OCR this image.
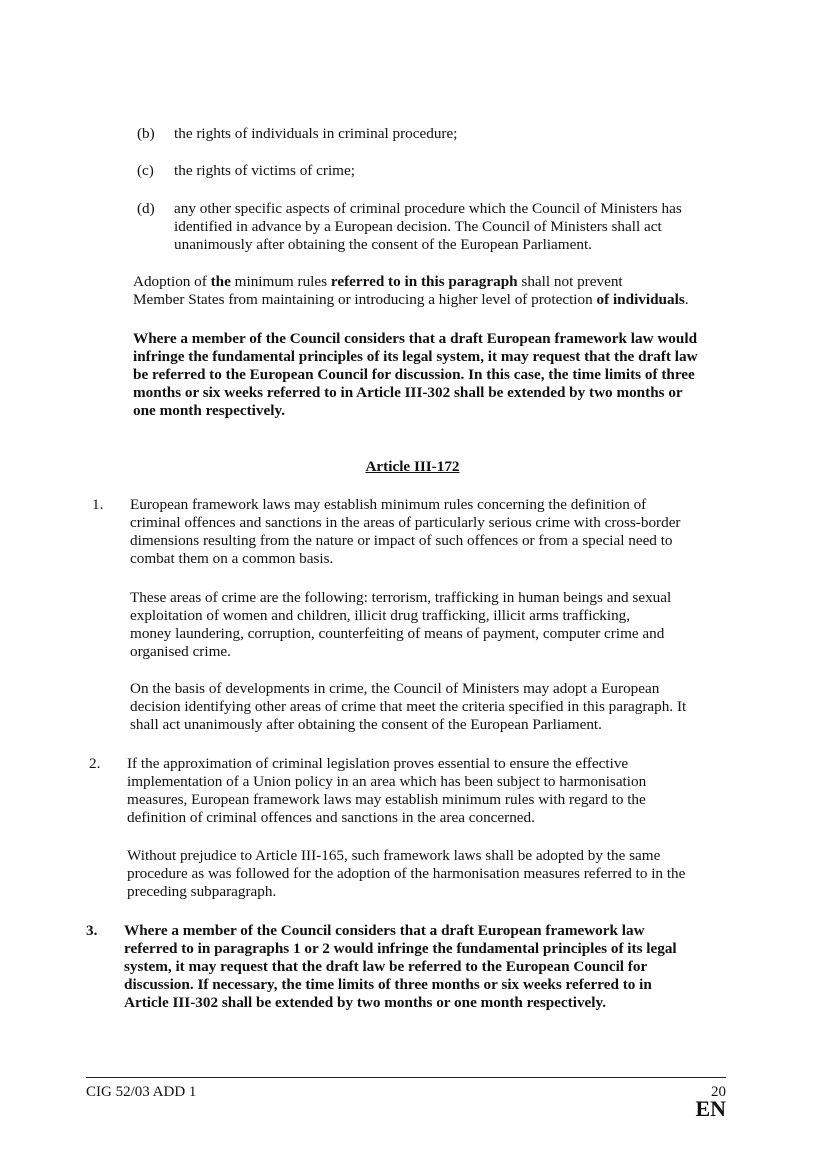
(b) the rights of individuals in criminal procedure;
(c) the rights of victims of crime;
(d) any other specific aspects of criminal procedure which the Council of Ministers has
identified in advance by a European decision. The Council of Ministers shall act
unanimously after obtaining the consent of the European Parliament.
Adoption of the minimum rules referred to in this paragraph shall not prevent
Member States from maintaining or introducing a higher level of protection of individuals.
Where a member of the Council considers that a draft European framework law would
infringe the fundamental principles of its legal system, it may request that the draft law
be referred to the European Council for discussion. In this case, the time limits of three
months or six weeks referred to in Article III-302 shall be extended by two months or
one month respectively.
Article III-172
1. European framework laws may establish minimum rules concerning the definition of
criminal offences and sanctions in the areas of particularly serious crime with cross-border
dimensions resulting from the nature or impact of such offences or from a special need to
combat them on a common basis.
These areas of crime are the following: terrorism, trafficking in human beings and sexual
exploitation of women and children, illicit drug trafficking, illicit arms trafficking,
money laundering, corruption, counterfeiting of means of payment, computer crime and
organised crime.
On the basis of developments in crime, the Council of Ministers may adopt a European
decision identifying other areas of crime that meet the criteria specified in this paragraph. It
shall act unanimously after obtaining the consent of the European Parliament.
2. If the approximation of criminal legislation proves essential to ensure the effective
implementation of a Union policy in an area which has been subject to harmonisation
measures, European framework laws may establish minimum rules with regard to the
definition of criminal offences and sanctions in the area concerned.
Without prejudice to Article III-165, such framework laws shall be adopted by the same
procedure as was followed for the adoption of the harmonisation measures referred to in the
preceding subparagraph.
3. Where a member of the Council considers that a draft European framework law
referred to in paragraphs 1 or 2 would infringe the fundamental principles of its legal
system, it may request that the draft law be referred to the European Council for
discussion. If necessary, the time limits of three months or six weeks referred to in
Article III-302 shall be extended by two months or one month respectively.
CIG 52/03 ADD 1	20
EN
